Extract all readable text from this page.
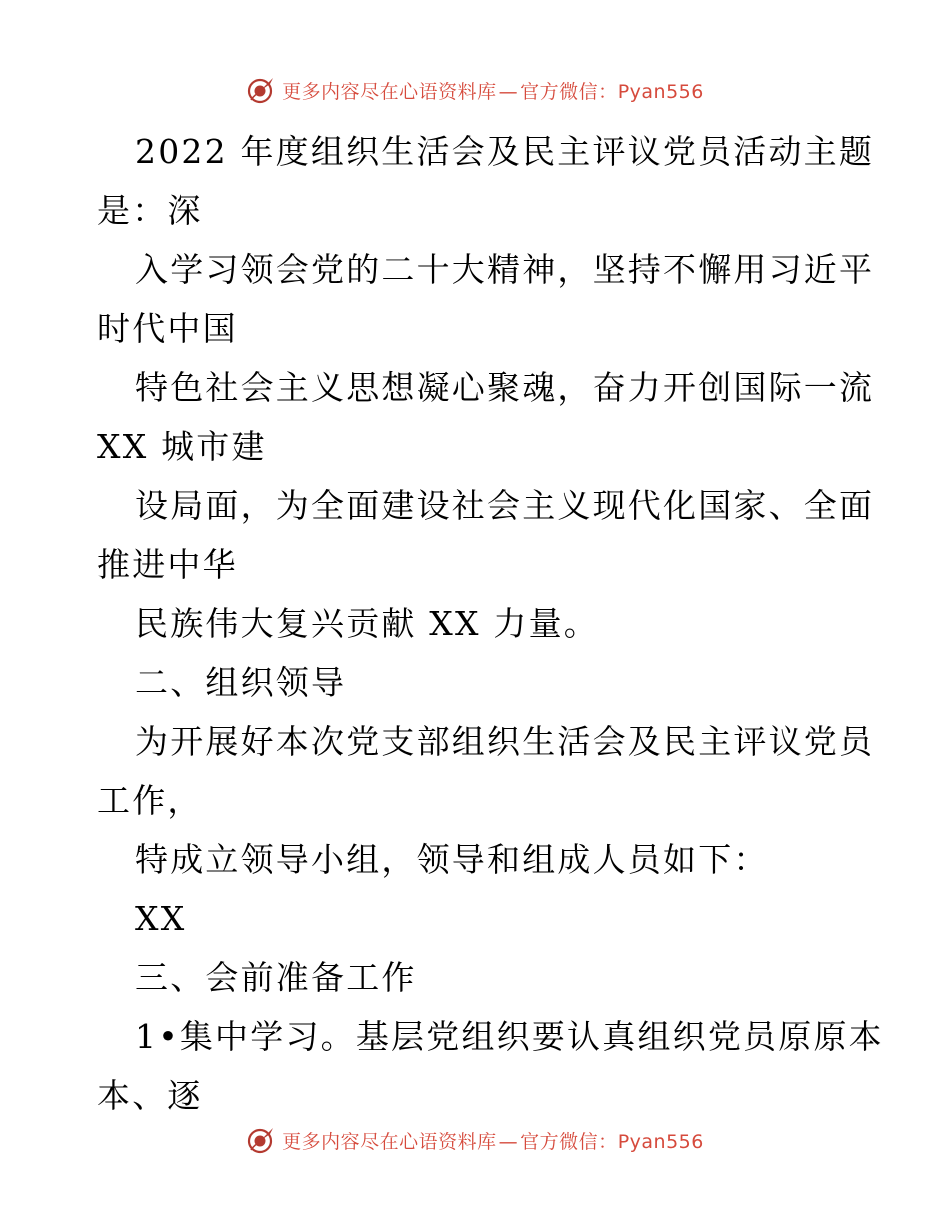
更多内容尽在心语资料库 — 官方微信：Pyan556
2022 年度组织生活会及民主评议党员活动主题
是：深
入学习领会党的二十大精神，坚持不懈用习近平
时代中国
特色社会主义思想凝心聚魂，奋力开创国际一流
XX 城市建
设局面，为全面建设社会主义现代化国家、全面
推进中华
民族伟大复兴贡献 XX 力量。
二、组织领导
为开展好本次党支部组织生活会及民主评议党员
工作，
特成立领导小组，领导和组成人员如下：
XX
三、会前准备工作
1•集中学习。基层党组织要认真组织党员原原本
本、逐
更多内容尽在心语资料库 — 官方微信：Pyan556
